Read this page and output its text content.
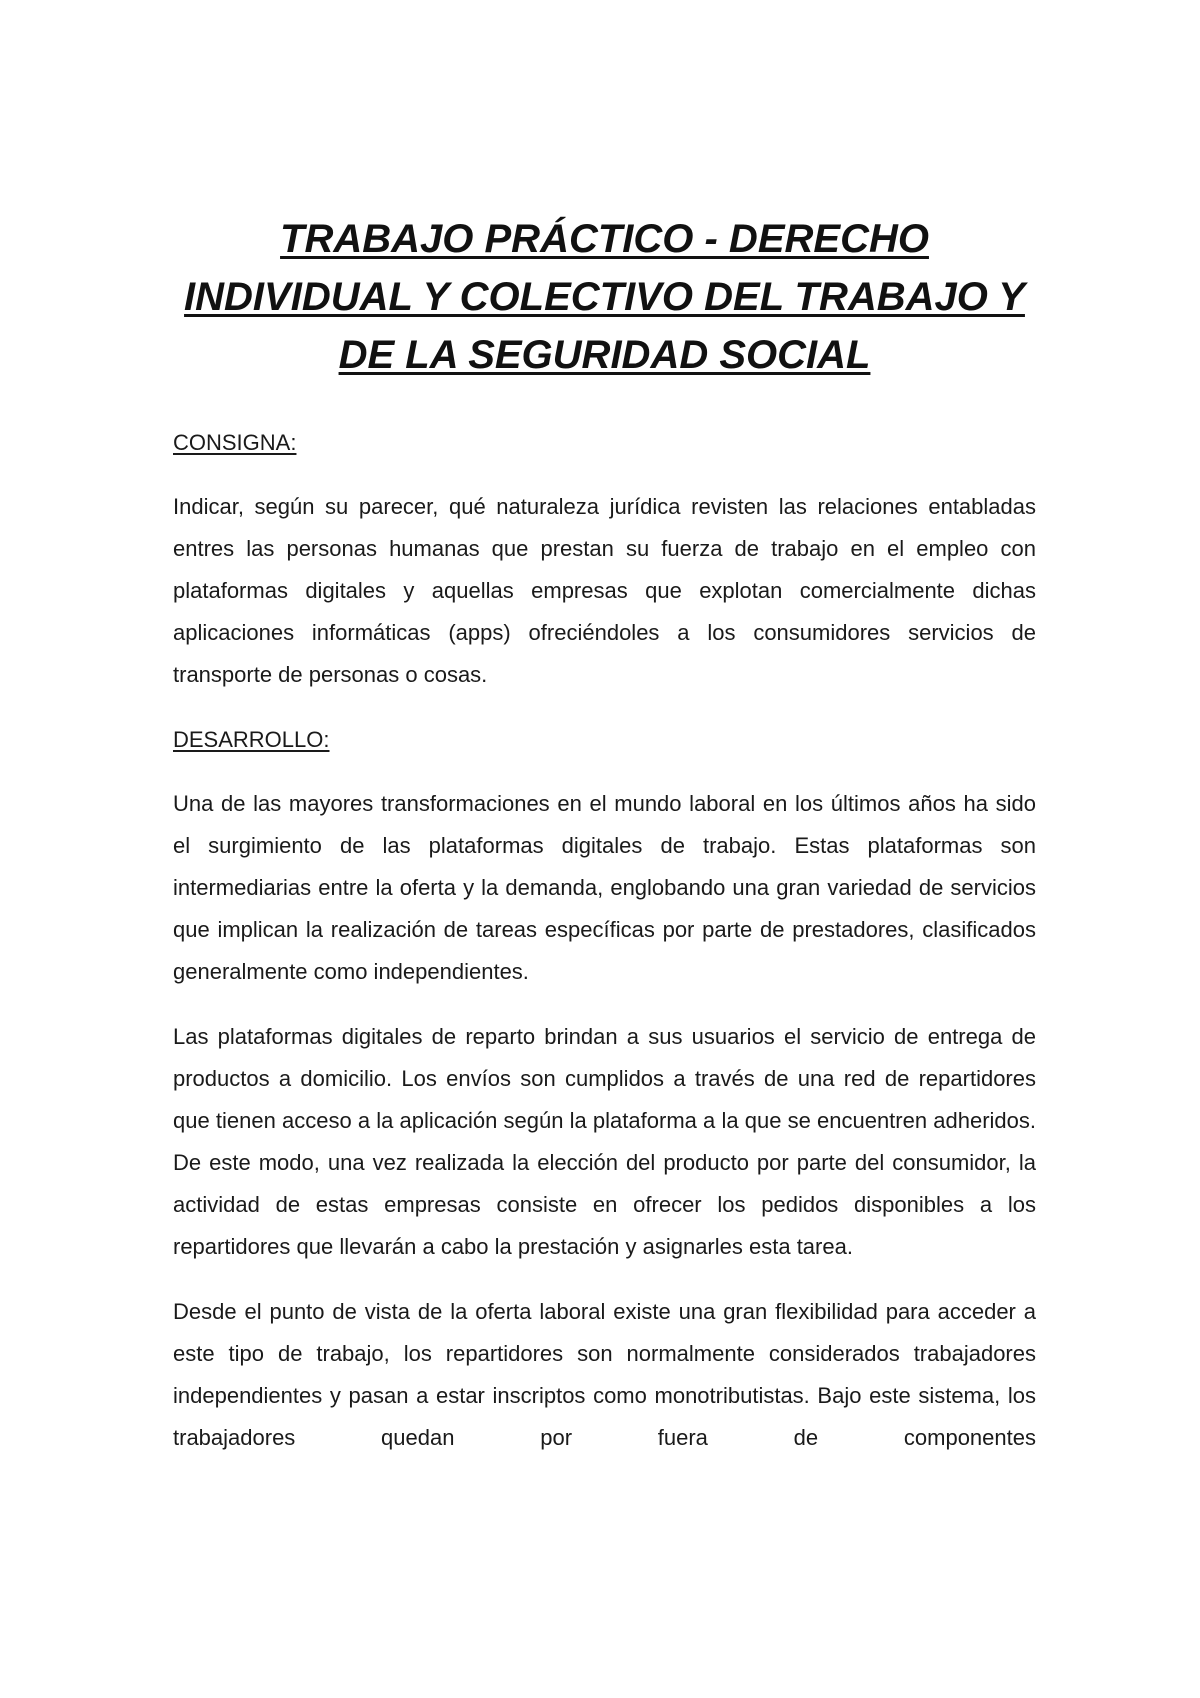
TRABAJO PRÁCTICO - DERECHO INDIVIDUAL Y COLECTIVO DEL TRABAJO Y DE LA SEGURIDAD SOCIAL

CONSIGNA:

Indicar, según su parecer, qué naturaleza jurídica revisten las relaciones entabladas entres las personas humanas que prestan su fuerza de trabajo en el empleo con plataformas digitales y aquellas empresas que explotan comercialmente dichas aplicaciones informáticas (apps) ofreciéndoles a los consumidores servicios de transporte de personas o cosas.

DESARROLLO:

Una de las mayores transformaciones en el mundo laboral en los últimos años ha sido el surgimiento de las plataformas digitales de trabajo. Estas plataformas son intermediarias entre la oferta y la demanda, englobando una gran variedad de servicios que implican la realización de tareas específicas por parte de prestadores, clasificados generalmente como independientes.

Las plataformas digitales de reparto brindan a sus usuarios el servicio de entrega de productos a domicilio. Los envíos son cumplidos a través de una red de repartidores que tienen acceso a la aplicación según la plataforma a la que se encuentren adheridos. De este modo, una vez realizada la elección del producto por parte del consumidor, la actividad de estas empresas consiste en ofrecer los pedidos disponibles a los repartidores que llevarán a cabo la prestación y asignarles esta tarea.

Desde el punto de vista de la oferta laboral existe una gran flexibilidad para acceder a este tipo de trabajo, los repartidores son normalmente considerados trabajadores independientes y pasan a estar inscriptos como monotributistas. Bajo este sistema, los trabajadores quedan por fuera de componentes
